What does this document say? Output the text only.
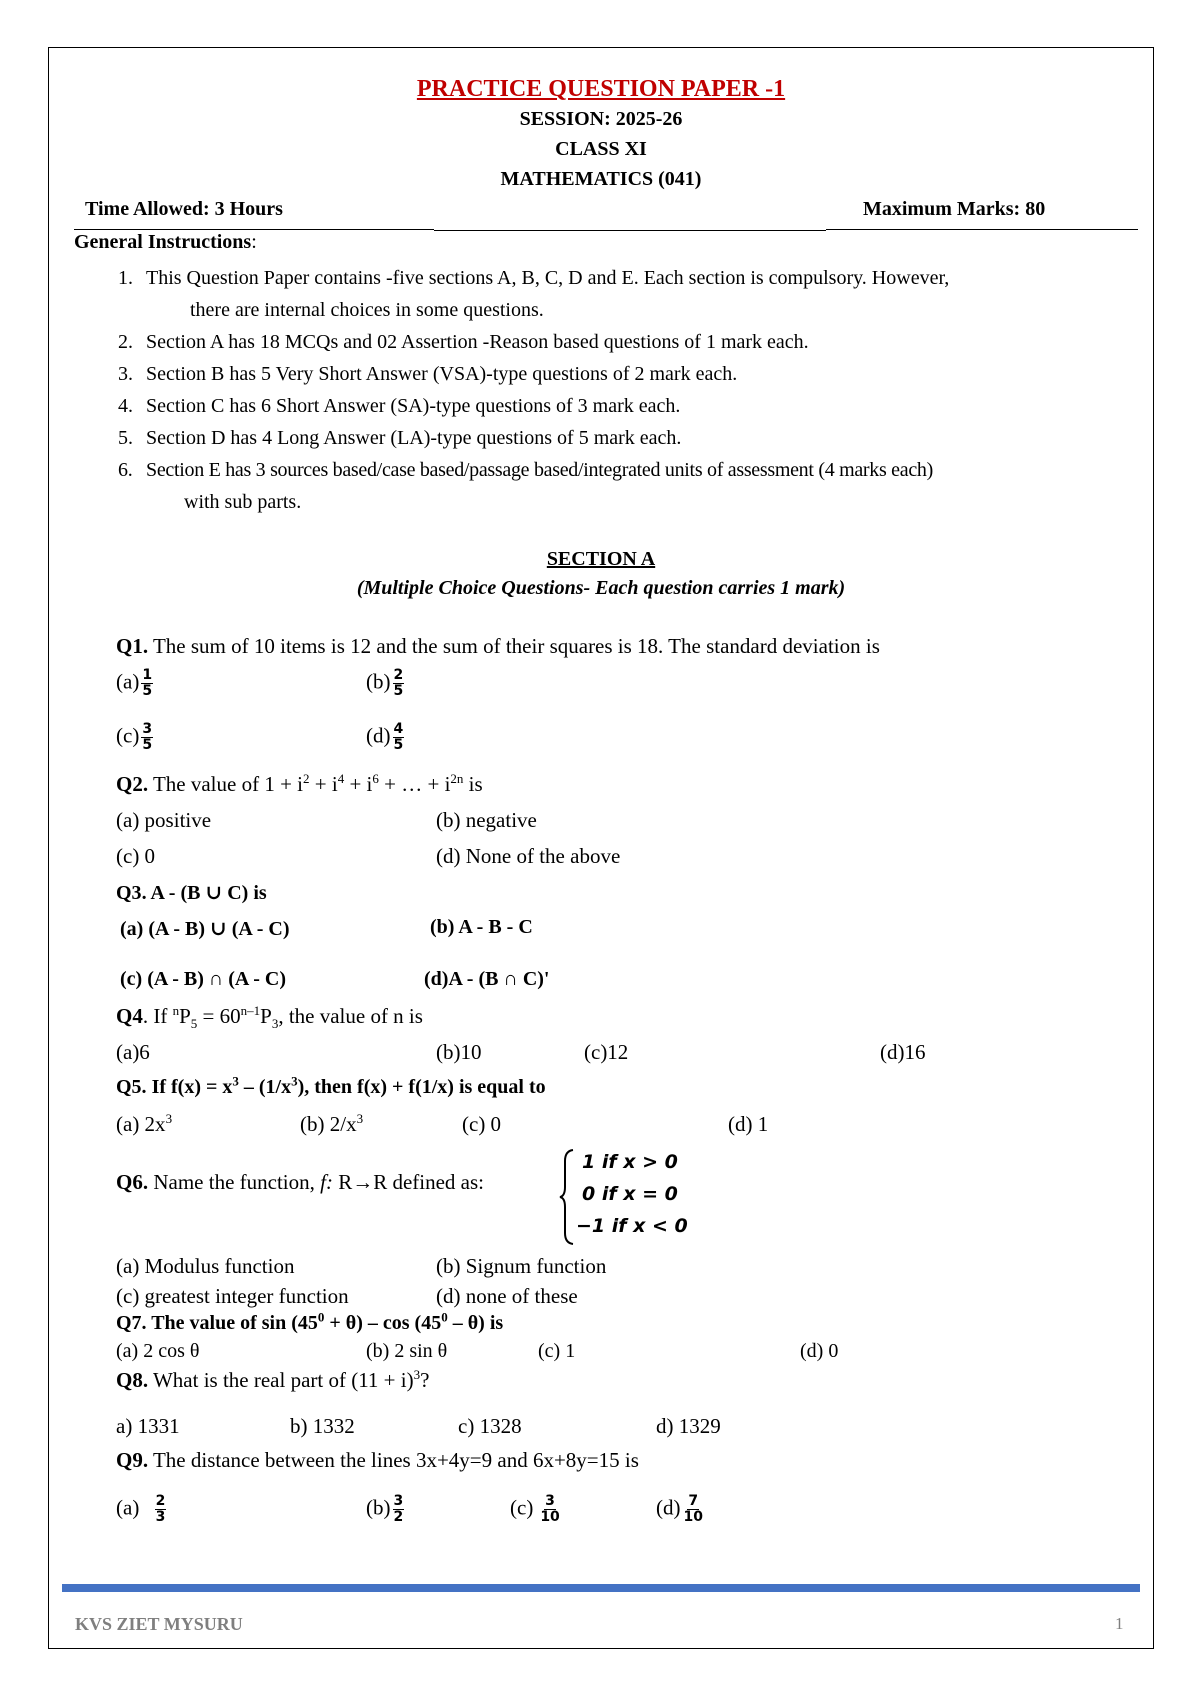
PRACTICE QUESTION PAPER -1
SESSION: 2025-26
CLASS XI
MATHEMATICS (041)
Time Allowed: 3 Hours	Maximum Marks: 80
General Instructions:
1. This Question Paper contains -five sections A, B, C, D and E. Each section is compulsory. However,
there are internal choices in some questions.
2. Section A has 18 MCQs and 02 Assertion -Reason based questions of 1 mark each.
3. Section B has 5 Very Short Answer (VSA)-type questions of 2 mark each.
4. Section C has 6 Short Answer (SA)-type questions of 3 mark each.
5. Section D has 4 Long Answer (LA)-type questions of 5 mark each.
6. Section E has 3 sources based/case based/passage based/integrated units of assessment (4 marks each)
with sub parts.
SECTION A
(Multiple Choice Questions- Each question carries 1 mark)
Q1. The sum of 10 items is 12 and the sum of their squares is 18. The standard deviation is
$(a) \frac{1}{5}$	$(b) \frac{2}{5}$
$(c) \frac{3}{5}$	$(d) \frac{4}{5}$
Q2. The value of $1 + i^2 + i^4 + i^6$ + … + $i^{2n}$ is
(a) positive	(b) negative
(c) 0	(d) None of the above
Q3. A - (B ∪ C) is
(a) (A - B) ∪ (A - C)	(b) A - B - C
(c) (A - B) ∩ (A - C)	(d)A - (B ∩ C)'
Q4. If $^nP_5 = 60^{n-1}P_3$, the value of n is
(a)6	(b)10	(c)12	(d)16
Q5. If $f(x) = x^3 - (1/x^3)$, then f(x) + f(1/x) is equal to
(a) $2x^3$	(b) $2/x^3$	(c) 0	(d) 1
Q6. Name the function, f: R→R defined as:
1 if x > 0
0 if x = 0
−1 if x < 0
(a) Modulus function	(b) Signum function
(c) greatest integer function	(d) none of these
Q7. The value of $\sin (45^0 + \theta) - \cos (45^0 - \theta)$ is
(a) 2 cos θ	(b) 2 sin θ	(c) 1	(d) 0
Q8. What is the real part of $(11 + i)^3$?
a) 1331	b) 1332	c) 1328	d) 1329
Q9. The distance between the lines 3x+4y=9 and 6x+8y=15 is
$(a) \frac{2}{3}$	$(b) \frac{3}{2}$	$(c) \frac{3}{10}$	$(d) \frac{7}{10}$
KVS ZIET MYSURU	1
